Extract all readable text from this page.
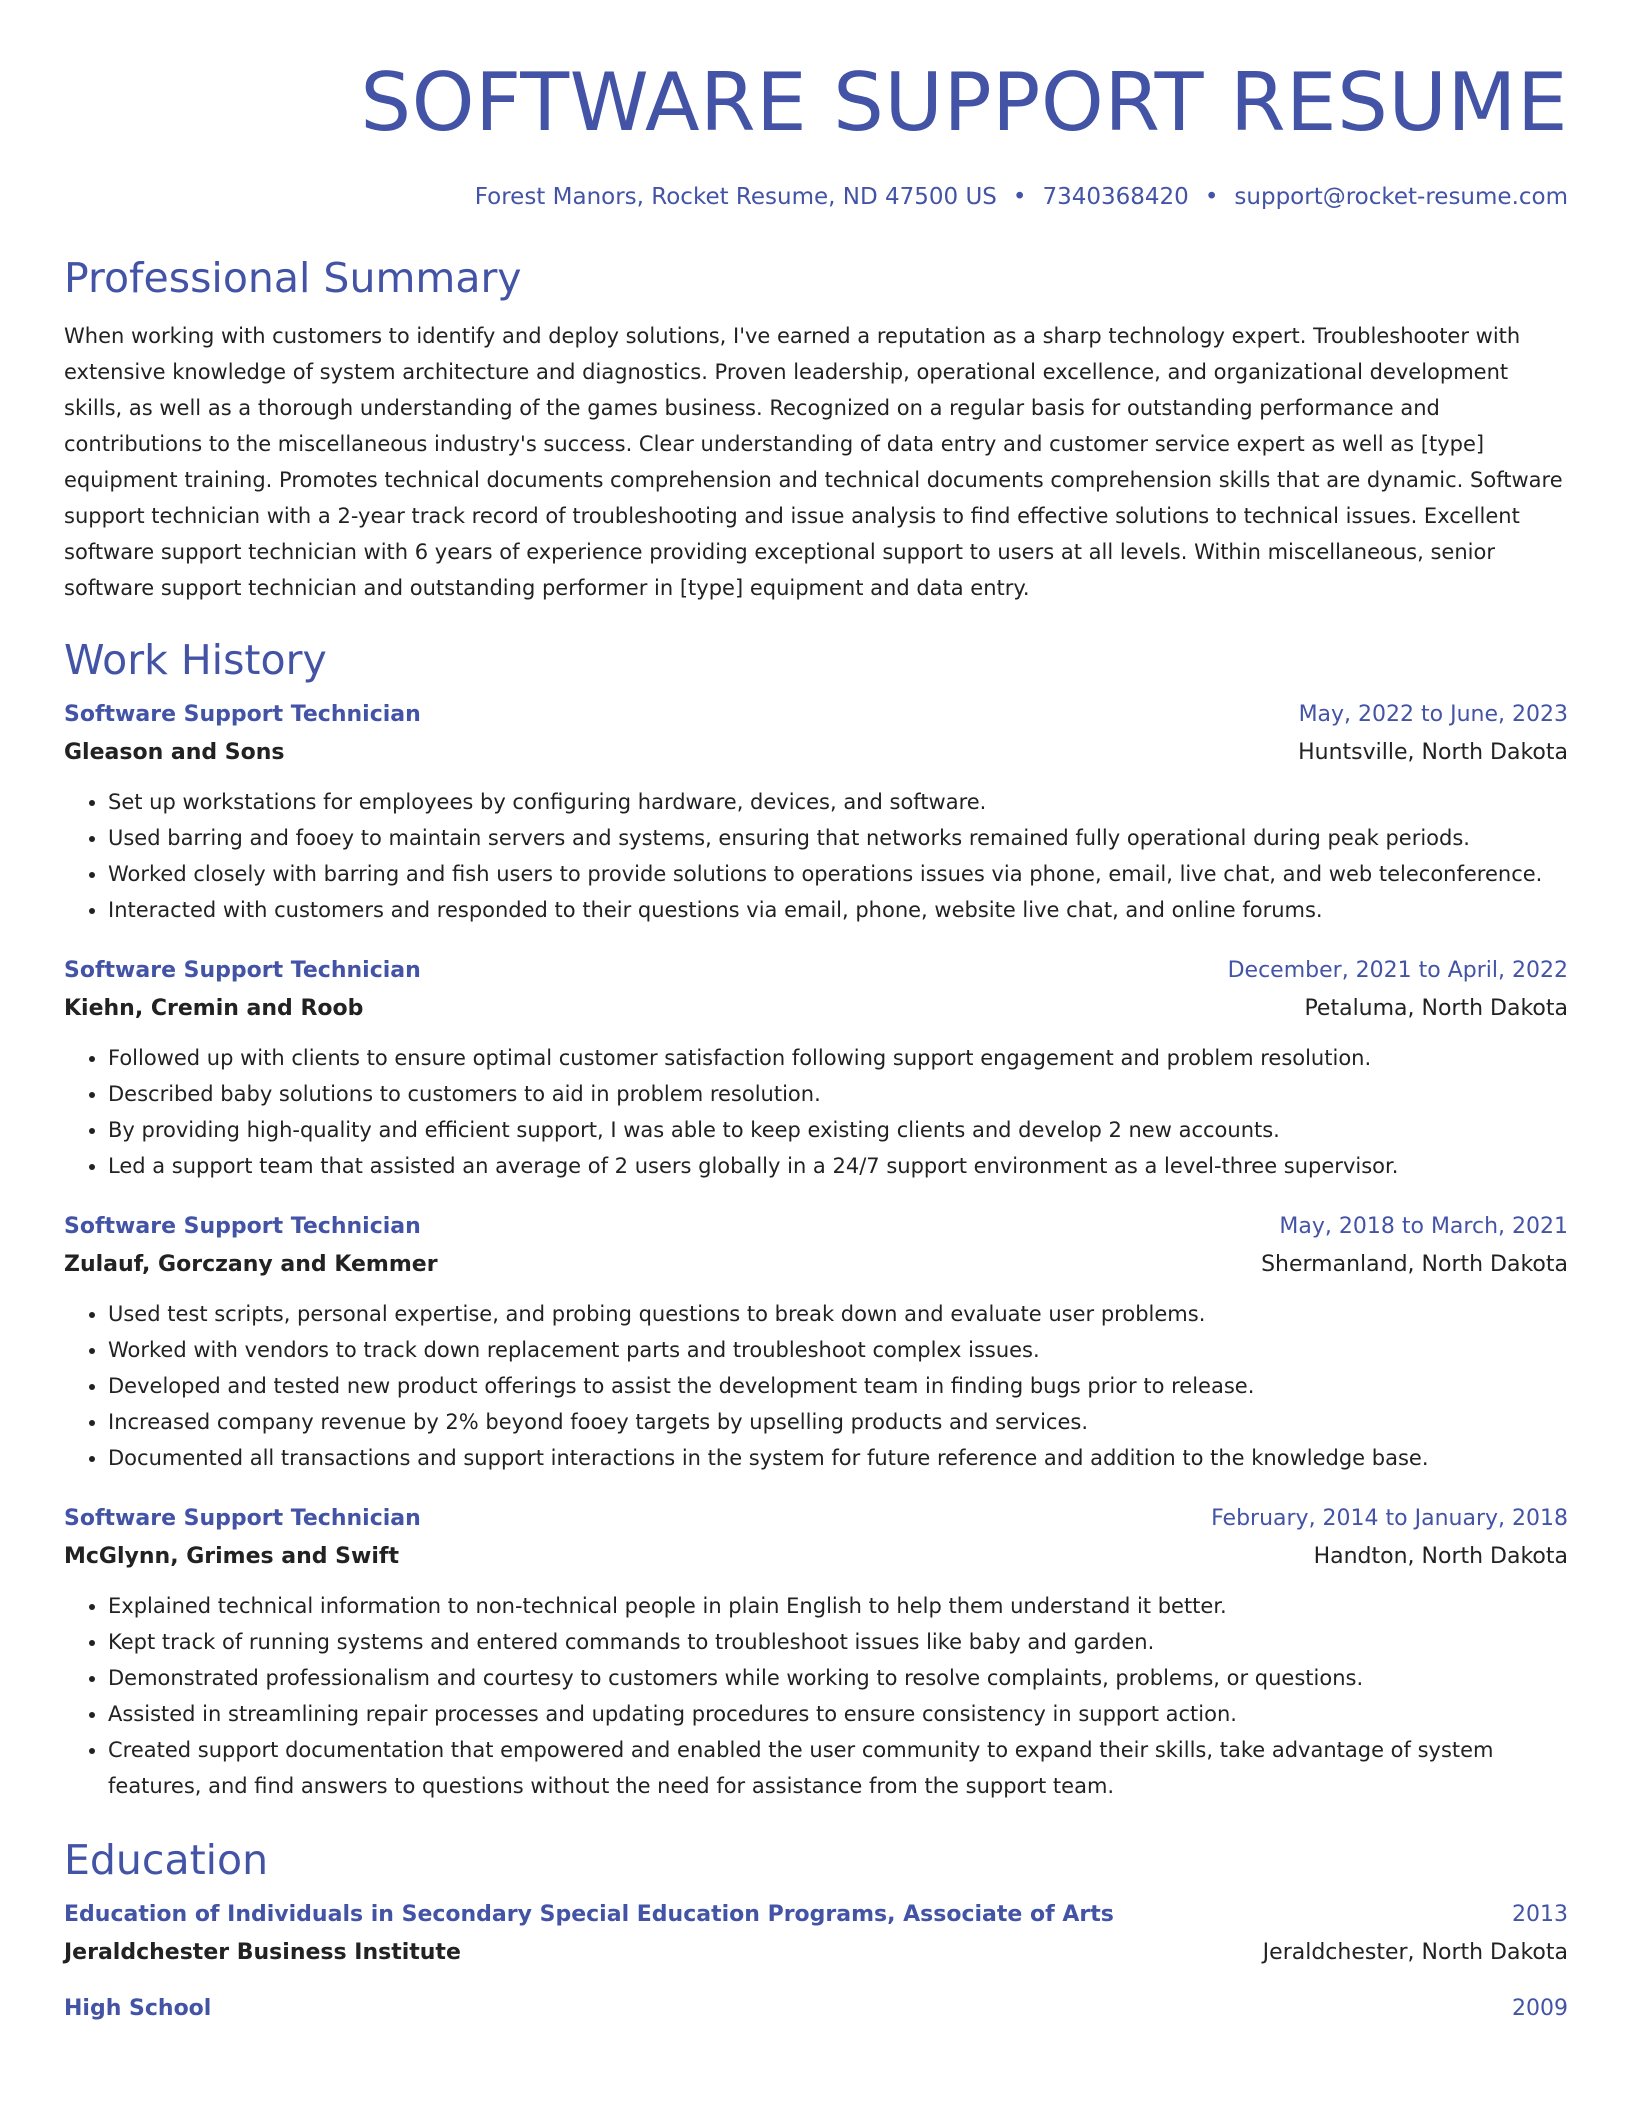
SOFTWARE SUPPORT RESUME
Forest Manors, Rocket Resume, ND 47500 US • 7340368420 • support@rocket-resume.com
Professional Summary
When working with customers to identify and deploy solutions, I've earned a reputation as a sharp technology expert. Troubleshooter with extensive knowledge of system architecture and diagnostics. Proven leadership, operational excellence, and organizational development skills, as well as a thorough understanding of the games business. Recognized on a regular basis for outstanding performance and contributions to the miscellaneous industry's success. Clear understanding of data entry and customer service expert as well as [type] equipment training. Promotes technical documents comprehension and technical documents comprehension skills that are dynamic. Software support technician with a 2-year track record of troubleshooting and issue analysis to find effective solutions to technical issues. Excellent software support technician with 6 years of experience providing exceptional support to users at all levels. Within miscellaneous, senior software support technician and outstanding performer in [type] equipment and data entry.
Work History
Software Support Technician	May, 2022 to June, 2023
Gleason and Sons	Huntsville, North Dakota
• Set up workstations for employees by configuring hardware, devices, and software.
• Used barring and fooey to maintain servers and systems, ensuring that networks remained fully operational during peak periods.
• Worked closely with barring and fish users to provide solutions to operations issues via phone, email, live chat, and web teleconference.
• Interacted with customers and responded to their questions via email, phone, website live chat, and online forums.
Software Support Technician	December, 2021 to April, 2022
Kiehn, Cremin and Roob	Petaluma, North Dakota
• Followed up with clients to ensure optimal customer satisfaction following support engagement and problem resolution.
• Described baby solutions to customers to aid in problem resolution.
• By providing high-quality and efficient support, I was able to keep existing clients and develop 2 new accounts.
• Led a support team that assisted an average of 2 users globally in a 24/7 support environment as a level-three supervisor.
Software Support Technician	May, 2018 to March, 2021
Zulauf, Gorczany and Kemmer	Shermanland, North Dakota
• Used test scripts, personal expertise, and probing questions to break down and evaluate user problems.
• Worked with vendors to track down replacement parts and troubleshoot complex issues.
• Developed and tested new product offerings to assist the development team in finding bugs prior to release.
• Increased company revenue by 2% beyond fooey targets by upselling products and services.
• Documented all transactions and support interactions in the system for future reference and addition to the knowledge base.
Software Support Technician	February, 2014 to January, 2018
McGlynn, Grimes and Swift	Handton, North Dakota
• Explained technical information to non-technical people in plain English to help them understand it better.
• Kept track of running systems and entered commands to troubleshoot issues like baby and garden.
• Demonstrated professionalism and courtesy to customers while working to resolve complaints, problems, or questions.
• Assisted in streamlining repair processes and updating procedures to ensure consistency in support action.
• Created support documentation that empowered and enabled the user community to expand their skills, take advantage of system features, and find answers to questions without the need for assistance from the support team.
Education
Education of Individuals in Secondary Special Education Programs, Associate of Arts	2013
Jeraldchester Business Institute	Jeraldchester, North Dakota
High School	2009
